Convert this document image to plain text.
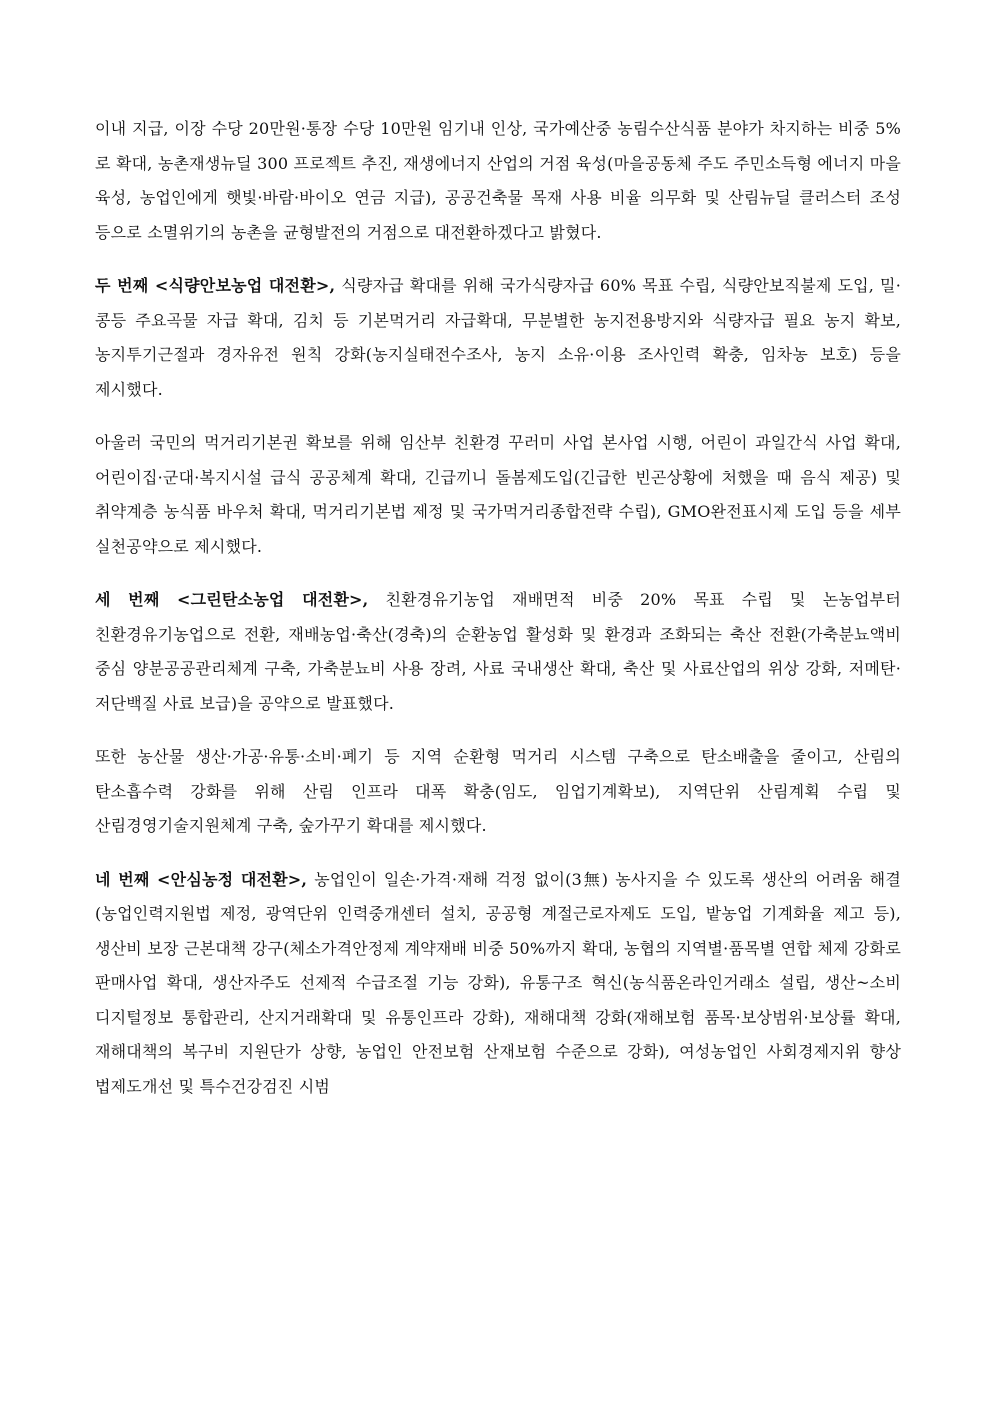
이내 지급, 이장 수당 20만원·통장 수당 10만원 임기내 인상, 국가예산중 농림수산식품 분야가 차지하는 비중 5%로 확대, 농촌재생뉴딜 300 프로젝트 추진, 재생에너지 산업의 거점 육성(마을공동체 주도 주민소득형 에너지 마을 육성, 농업인에게 햇빛·바람·바이오 연금 지급), 공공건축물 목재 사용 비율 의무화 및 산림뉴딜 클러스터 조성 등으로 소멸위기의 농촌을 균형발전의 거점으로 대전환하겠다고 밝혔다.

두 번째 <식량안보농업 대전환>, 식량자급 확대를 위해 국가식량자급 60% 목표 수립, 식량안보직불제 도입, 밀·콩등 주요곡물 자급 확대, 김치 등 기본먹거리 자급확대, 무분별한 농지전용방지와 식량자급 필요 농지 확보, 농지투기근절과 경자유전 원칙 강화(농지실태전수조사, 농지 소유·이용 조사인력 확충, 임차농 보호) 등을 제시했다.

아울러 국민의 먹거리기본권 확보를 위해 임산부 친환경 꾸러미 사업 본사업 시행, 어린이 과일간식 사업 확대, 어린이집·군대·복지시설 급식 공공체계 확대, 긴급끼니 돌봄제도입(긴급한 빈곤상황에 처했을 때 음식 제공) 및 취약계층 농식품 바우처 확대, 먹거리기본법 제정 및 국가먹거리종합전략 수립), GMO완전표시제 도입 등을 세부 실천공약으로 제시했다.

세 번째 <그린탄소농업 대전환>, 친환경유기농업 재배면적 비중 20% 목표 수립 및 논농업부터 친환경유기농업으로 전환, 재배농업·축산(경축)의 순환농업 활성화 및 환경과 조화되는 축산 전환(가축분뇨액비 중심 양분공공관리체계 구축, 가축분뇨비 사용 장려, 사료 국내생산 확대, 축산 및 사료산업의 위상 강화, 저메탄·저단백질 사료 보급)을 공약으로 발표했다.

또한 농산물 생산·가공·유통·소비·폐기 등 지역 순환형 먹거리 시스템 구축으로 탄소배출을 줄이고, 산림의 탄소흡수력 강화를 위해 산림 인프라 대폭 확충(임도, 임업기계확보), 지역단위 산림계획 수립 및 산림경영기술지원체계 구축, 숲가꾸기 확대를 제시했다.

네 번째 <안심농정 대전환>, 농업인이 일손·가격·재해 걱정 없이(3無) 농사지을 수 있도록 생산의 어려움 해결(농업인력지원법 제정, 광역단위 인력중개센터 설치, 공공형 계절근로자제도 도입, 밭농업 기계화율 제고 등), 생산비 보장 근본대책 강구(체소가격안정제 계약재배 비중 50%까지 확대, 농협의 지역별·품목별 연합 체제 강화로 판매사업 확대, 생산자주도 선제적 수급조절 기능 강화), 유통구조 혁신(농식품온라인거래소 설립, 생산~소비 디지털정보 통합관리, 산지거래확대 및 유통인프라 강화), 재해대책 강화(재해보험 품목·보상범위·보상률 확대, 재해대책의 복구비 지원단가 상향, 농업인 안전보험 산재보험 수준으로 강화), 여성농업인 사회경제지위 향상 법제도개선 및 특수건강검진 시범
